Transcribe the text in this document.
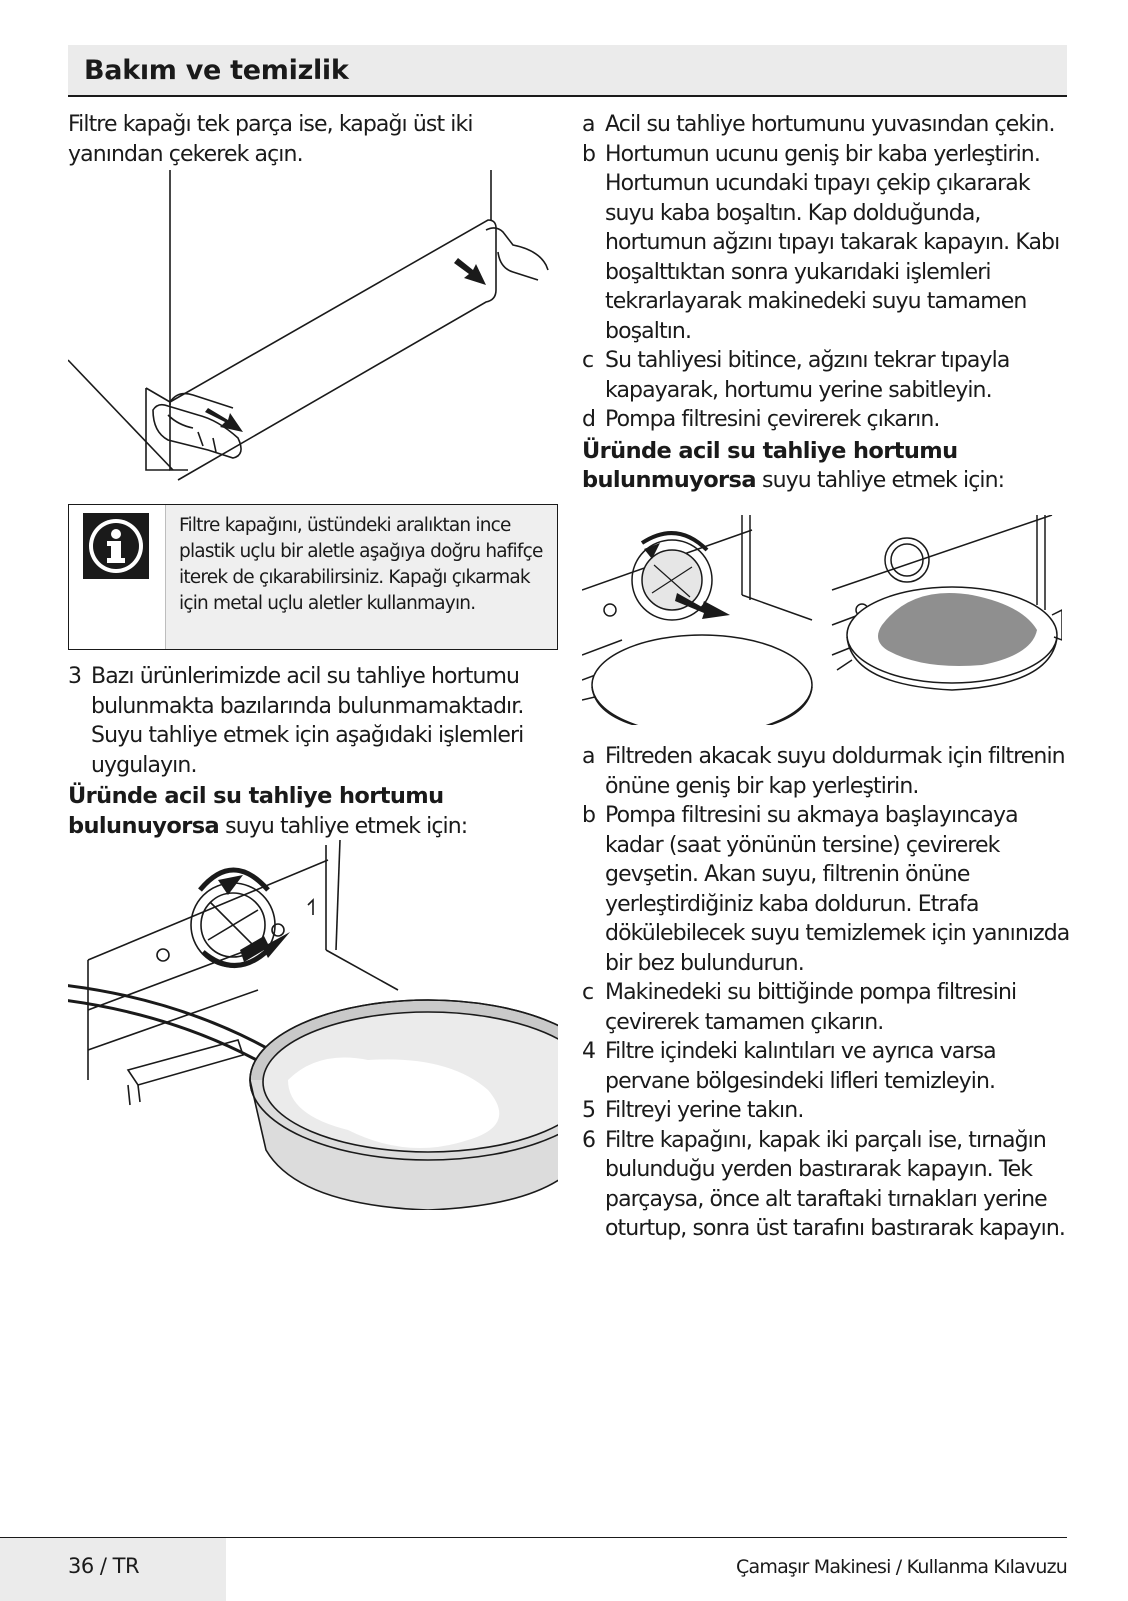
Bakım ve temizlik

Filtre kapağı tek parça ise, kapağı üst iki yanından çekerek açın.

Filtre kapağını, üstündeki aralıktan ince plastik uçlu bir aletle aşağıya doğru hafifçe iterek de çıkarabilirsiniz. Kapağı çıkarmak için metal uçlu aletler kullanmayın.
3 Bazı ürünlerimizde acil su tahliye hortumu bulunmakta bazılarında bulunmamaktadır. Suyu tahliye etmek için aşağıdaki işlemleri uygulayın.

Üründe acil su tahliye hortumu bulunuyorsa suyu tahliye etmek için:

a Acil su tahliye hortumunu yuvasından çekin.
b Hortumun ucunu geniş bir kaba yerleştirin. Hortumun ucundaki tıpayı çekip çıkararak suyu kaba boşaltın. Kap dolduğunda, hortumun ağzını tıpayı takarak kapayın. Kabı boşalttıktan sonra yukarıdaki işlemleri tekrarlayarak makinedeki suyu tamamen boşaltın.
c Su tahliyesi bitince, ağzını tekrar tıpayla kapayarak, hortumu yerine sabitleyin.
d Pompa filtresini çevirerek çıkarın.

Üründe acil su tahliye hortumu bulunmuyorsa suyu tahliye etmek için:

a Filtreden akacak suyu doldurmak için filtrenin önüne geniş bir kap yerleştirin.
b Pompa filtresini su akmaya başlayıncaya kadar (saat yönünün tersine) çevirerek gevşetin. Akan suyu, filtrenin önüne yerleştirdiğiniz kaba doldurun. Etrafa dökülebilecek suyu temizlemek için yanınızda bir bez bulundurun.
c Makinedeki su bittiğinde pompa filtresini çevirerek tamamen çıkarın.
4 Filtre içindeki kalıntıları ve ayrıca varsa pervane bölgesindeki lifleri temizleyin.
5 Filtreyi yerine takın.
6 Filtre kapağını, kapak iki parçalı ise, tırnağın bulunduğu yerden bastırarak kapayın. Tek parçaysa, önce alt taraftaki tırnakları yerine oturtup, sonra üst tarafını bastırarak kapayın.
36 / TR	Çamaşır Makinesi / Kullanma Kılavuzu
